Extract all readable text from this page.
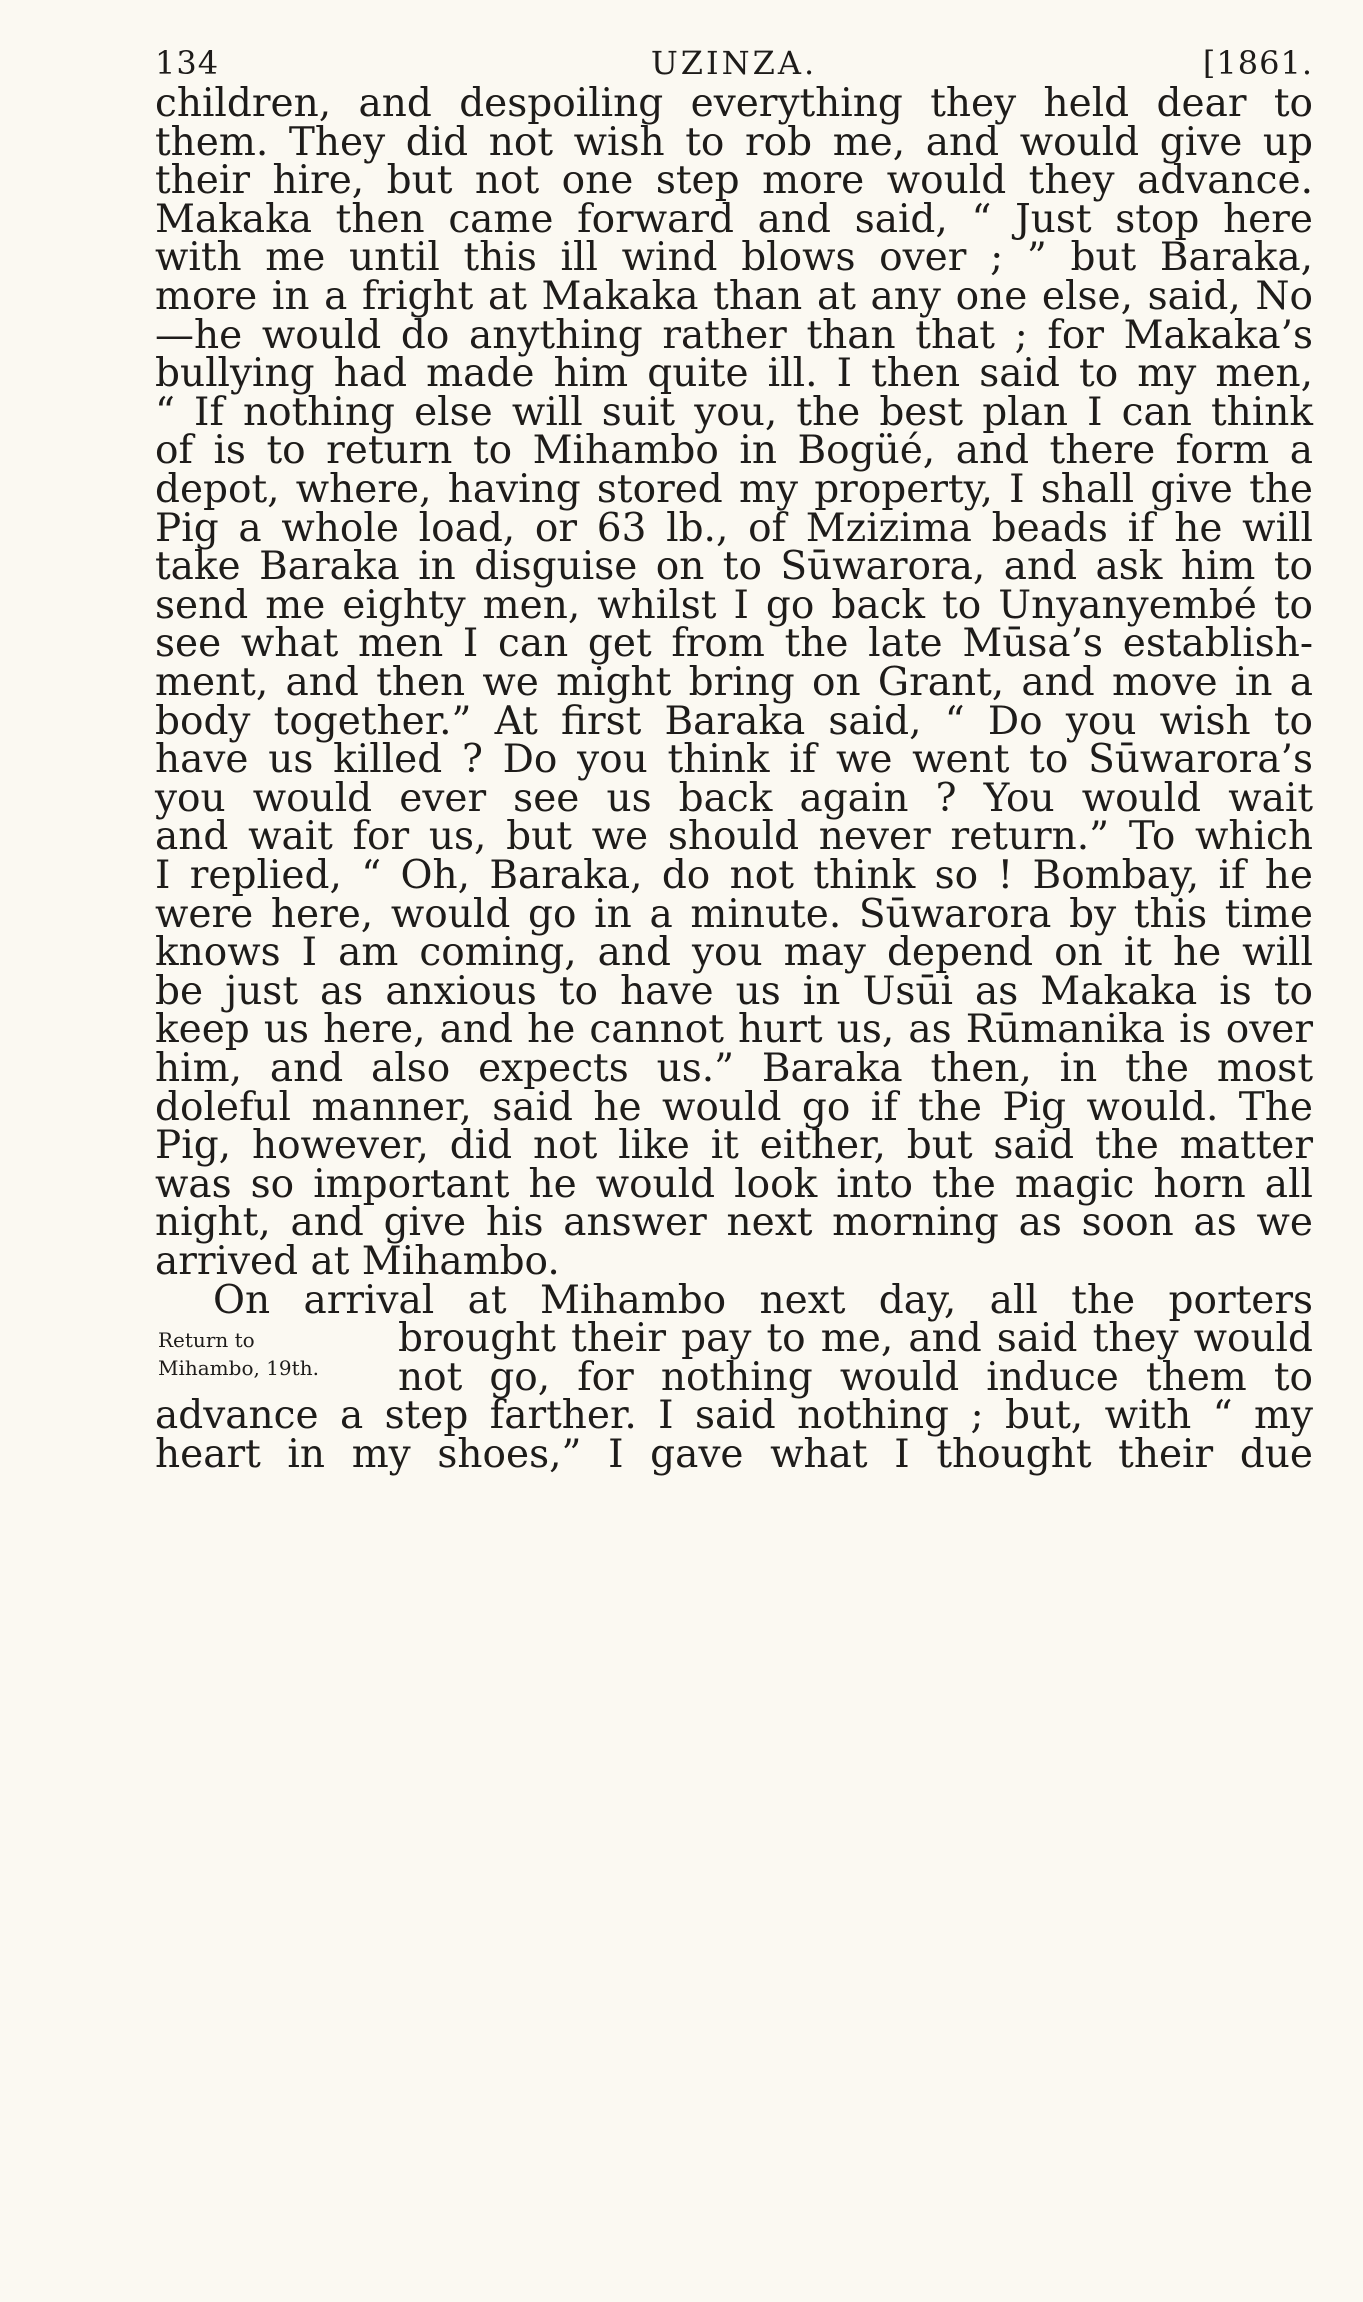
134	UZINZA.	[1861.
children, and despoiling everything they held dear to
them. They did not wish to rob me, and would give up
their hire, but not one step more would they advance.
Makaka then came forward and said, “ Just stop here
with me until this ill wind blows over ; ” but Baraka,
more in a fright at Makaka than at any one else, said, No
—he would do anything rather than that ; for Makaka’s
bullying had made him quite ill. I then said to my men,
“ If nothing else will suit you, the best plan I can think
of is to return to Mihambo in Bogüé, and there form a
depot, where, having stored my property, I shall give the
Pig a whole load, or 63 lb., of Mzizima beads if he will
take Baraka in disguise on to Sūwarora, and ask him to
send me eighty men, whilst I go back to Unyanyembé to
see what men I can get from the late Mūsa’s establish-
ment, and then we might bring on Grant, and move in a
body together.” At first Baraka said, “ Do you wish to
have us killed ? Do you think if we went to Sūwarora’s
you would ever see us back again ? You would wait
and wait for us, but we should never return.” To which
I replied, “ Oh, Baraka, do not think so ! Bombay, if he
were here, would go in a minute. Sūwarora by this time
knows I am coming, and you may depend on it he will
be just as anxious to have us in Usūi as Makaka is to
keep us here, and he cannot hurt us, as Rūmanika is over
him, and also expects us.” Baraka then, in the most
doleful manner, said he would go if the Pig would. The
Pig, however, did not like it either, but said the matter
was so important he would look into the magic horn all
night, and give his answer next morning as soon as we
arrived at Mihambo.
On arrival at Mihambo next day, all the porters
brought their pay to me, and said they would
not go, for nothing would induce them to
advance a step farther. I said nothing ; but, with “ my
heart in my shoes,” I gave what I thought their due
Return to
Mihambo, 19th.
